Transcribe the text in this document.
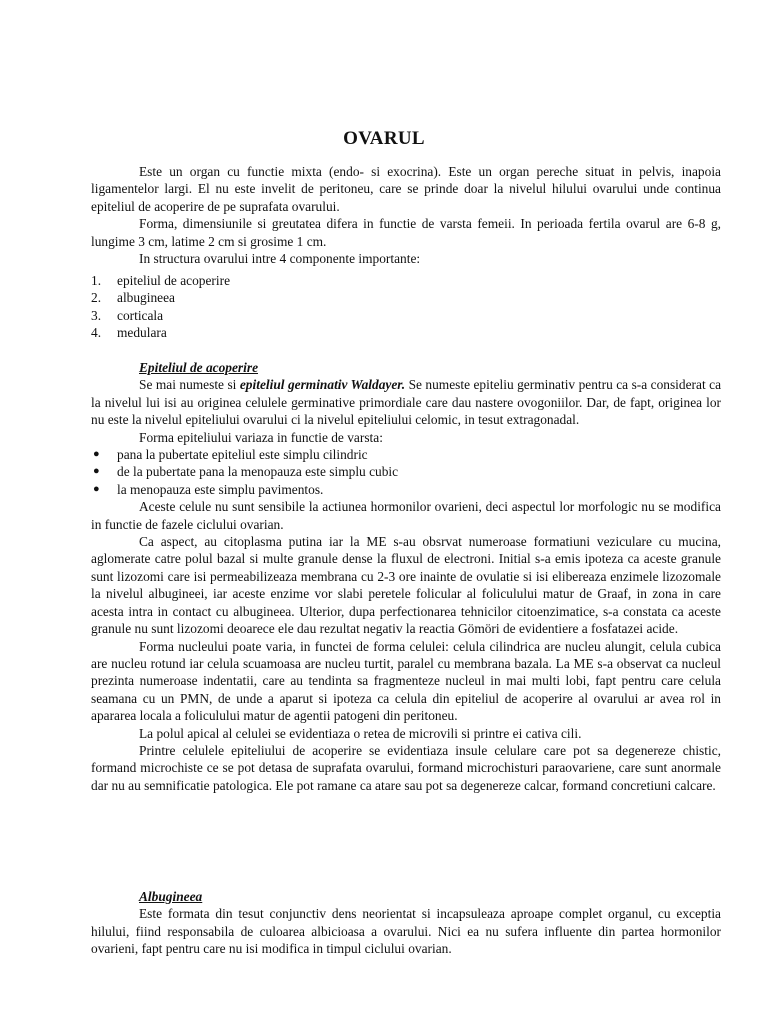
OVARUL

Este un organ cu functie mixta (endo- si exocrina). Este un organ pereche situat in pelvis, inapoia ligamentelor largi. El nu este invelit de peritoneu, care se prinde doar la nivelul hilului ovarului unde continua epiteliul de acoperire de pe suprafata ovarului.

Forma, dimensiunile si greutatea difera in functie de varsta femeii. In perioada fertila ovarul are 6-8 g, lungime 3 cm, latime 2 cm si grosime 1 cm.

In structura ovarului intre 4 componente importante:

1. epiteliul de acoperire
2. albugineea
3. corticala
4. medulara

Epiteliul de acoperire

Se mai numeste si epiteliul germinativ Waldayer. Se numeste epiteliu germinativ pentru ca s-a considerat ca la nivelul lui isi au originea celulele germinative primordiale care dau nastere ovogoniilor. Dar, de fapt, originea lor nu este la nivelul epiteliului ovarului ci la nivelul epiteliului celomic, in tesut extragonadal.

Forma epiteliului variaza in functie de varsta:

● pana la pubertate epiteliul este simplu cilindric
● de la pubertate pana la menopauza este simplu cubic
● la menopauza este simplu pavimentos.

Aceste celule nu sunt sensibile la actiunea hormonilor ovarieni, deci aspectul lor morfologic nu se modifica in functie de fazele ciclului ovarian.

Ca aspect, au citoplasma putina iar la ME s-au obsrvat numeroase formatiuni veziculare cu mucina, aglomerate catre polul bazal si multe granule dense la fluxul de electroni. Initial s-a emis ipoteza ca aceste granule sunt lizozomi care isi permeabilizeaza membrana cu 2-3 ore inainte de ovulatie si isi elibereaza enzimele lizozomale la nivelul albugineei, iar aceste enzime vor slabi peretele folicular al foliculului matur de Graaf, in zona in care acesta intra in contact cu albugineea. Ulterior, dupa perfectionarea tehnicilor citoenzimatice, s-a constata ca aceste granule nu sunt lizozomi deoarece ele dau rezultat negativ la reactia Gömöri de evidentiere a fosfatazei acide.

Forma nucleului poate varia, in functei de forma celulei: celula cilindrica are nucleu alungit, celula cubica are nucleu rotund iar celula scuamoasa are nucleu turtit, paralel cu membrana bazala. La ME s-a observat ca nucleul prezinta numeroase indentatii, care au tendinta sa fragmenteze nucleul in mai multi lobi, fapt pentru care celula seamana cu un PMN, de unde a aparut si ipoteza ca celula din epiteliul de acoperire al ovarului ar avea rol in apararea locala a foliculului matur de agentii patogeni din peritoneu.

La polul apical al celulei se evidentiaza o retea de microvili si printre ei cativa cili.

Printre celulele epiteliului de acoperire se evidentiaza insule celulare care pot sa degenereze chistic, formand microchiste ce se pot detasa de suprafata ovarului, formand microchisturi paraovariene, care sunt anormale dar nu au semnificatie patologica. Ele pot ramane ca atare sau pot sa degenereze calcar, formand concretiuni calcare.

Albugineea

Este formata din tesut conjunctiv dens neorientat si incapsuleaza aproape complet organul, cu exceptia hilului, fiind responsabila de culoarea albicioasa a ovarului. Nici ea nu sufera influente din partea hormonilor ovarieni, fapt pentru care nu isi modifica in timpul ciclului ovarian.
